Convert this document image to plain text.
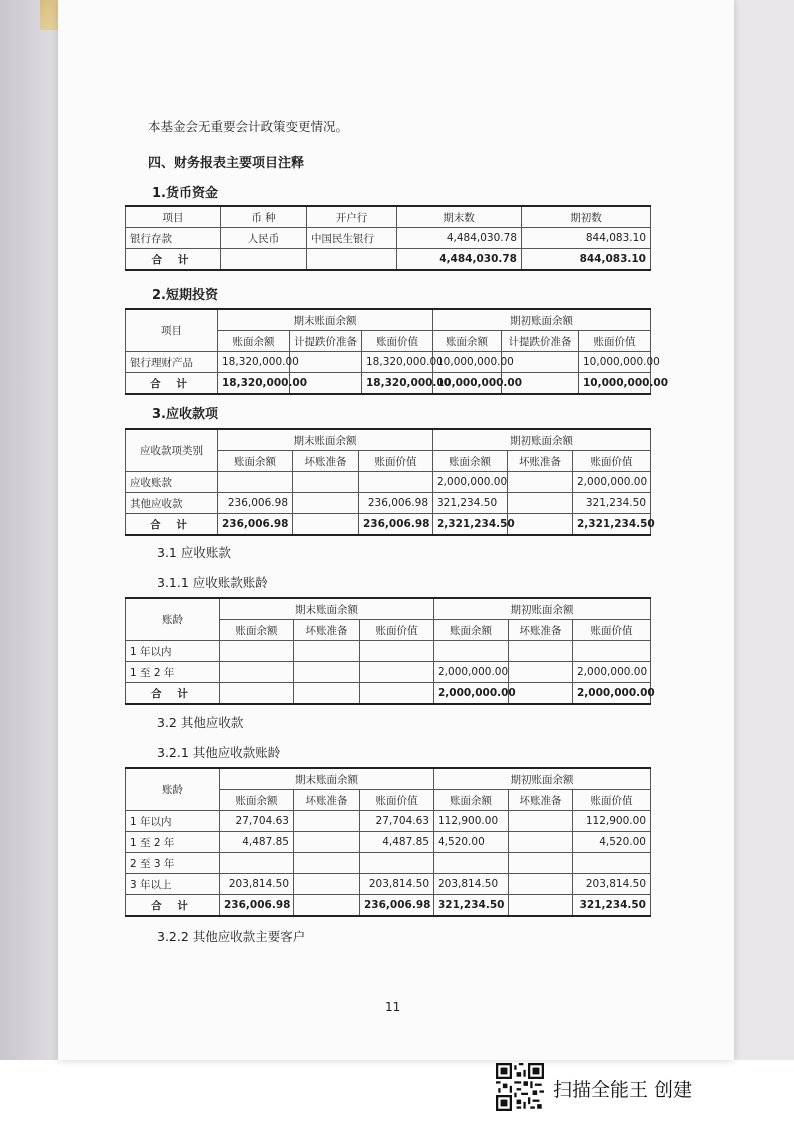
本基金会无重要会计政策变更情况。
四、财务报表主要项目注释
1.货币资金
项目	币 种	开户行	期末数	期初数
银行存款	人民币	中国民生银行	4,484,030.78	844,083.10
合 计			4,484,030.78	844,083.10
2.短期投资
项目	期末账面余额			期初账面余额		
	账面余额	计提跌价准备	账面价值	账面余额	计提跌价准备	账面价值
银行理财产品	18,320,000.00		18,320,000.00	10,000,000.00		10,000,000.00
合 计	18,320,000.00		18,320,000.00	10,000,000.00		10,000,000.00
3.应收款项
应收款项类别	期末账面余额			期初账面余额		
	账面余额	坏账准备	账面价值	账面余额	坏账准备	账面价值
应收账款				2,000,000.00		2,000,000.00
其他应收款	236,006.98		236,006.98	321,234.50		321,234.50
合 计	236,006.98		236,006.98	2,321,234.50		2,321,234.50
3.1 应收账款
3.1.1 应收账款账龄
账龄	期末账面余额			期初账面余额		
	账面余额	坏账准备	账面价值	账面余额	坏账准备	账面价值
1 年以内						
1 至 2 年				2,000,000.00		2,000,000.00
合 计				2,000,000.00		2,000,000.00
3.2 其他应收款
3.2.1 其他应收款账龄
账龄	期末账面余额			期初账面余额		
	账面余额	坏账准备	账面价值	账面余额	坏账准备	账面价值
1 年以内	27,704.63		27,704.63	112,900.00		112,900.00
1 至 2 年	4,487.85		4,487.85	4,520.00		4,520.00
2 至 3 年						
3 年以上	203,814.50		203,814.50	203,814.50		203,814.50
合 计	236,006.98		236,006.98	321,234.50		321,234.50
3.2.2 其他应收款主要客户
11
扫描全能王 创建
